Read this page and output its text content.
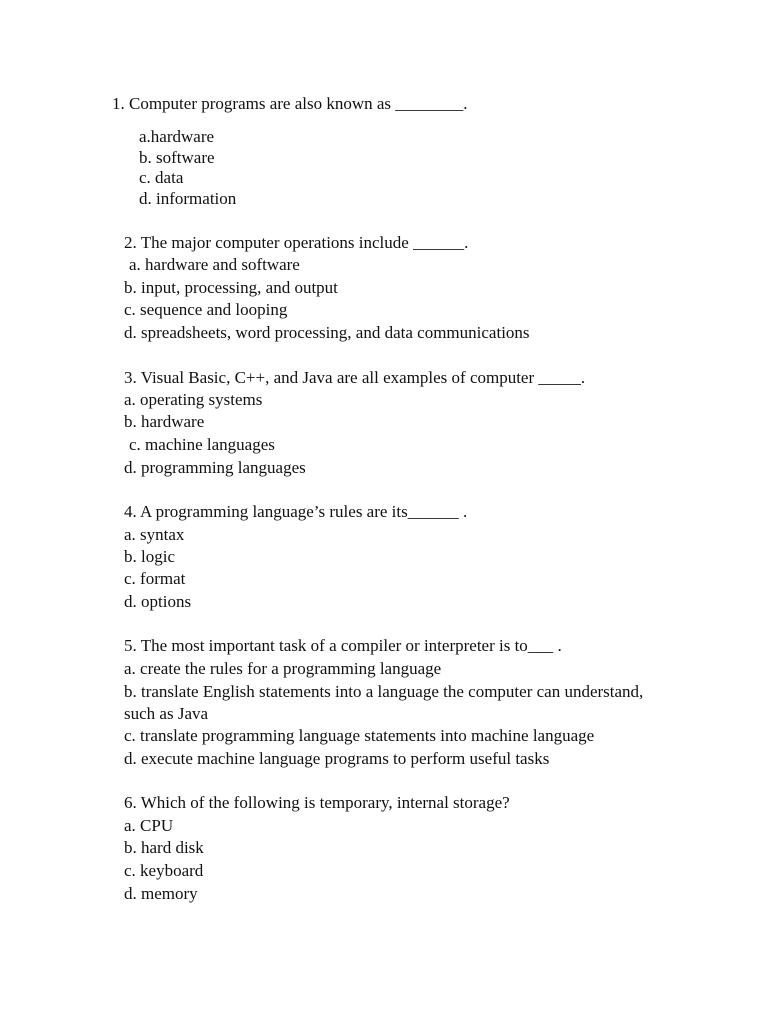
1. Computer programs are also known as ________.
a.hardware
b. software
c. data
d. information
2. The major computer operations include ______.
a. hardware and software
b. input, processing, and output
c. sequence and looping
d. spreadsheets, word processing, and data communications
3. Visual Basic, C++, and Java are all examples of computer _____.
a. operating systems
b. hardware
c. machine languages
d. programming languages
4. A programming language’s rules are its______ .
a. syntax
b. logic
c. format
d. options
5. The most important task of a compiler or interpreter is to___ .
a. create the rules for a programming language
b. translate English statements into a language the computer can understand,
such as Java
c. translate programming language statements into machine language
d. execute machine language programs to perform useful tasks
6. Which of the following is temporary, internal storage?
a. CPU
b. hard disk
c. keyboard
d. memory
